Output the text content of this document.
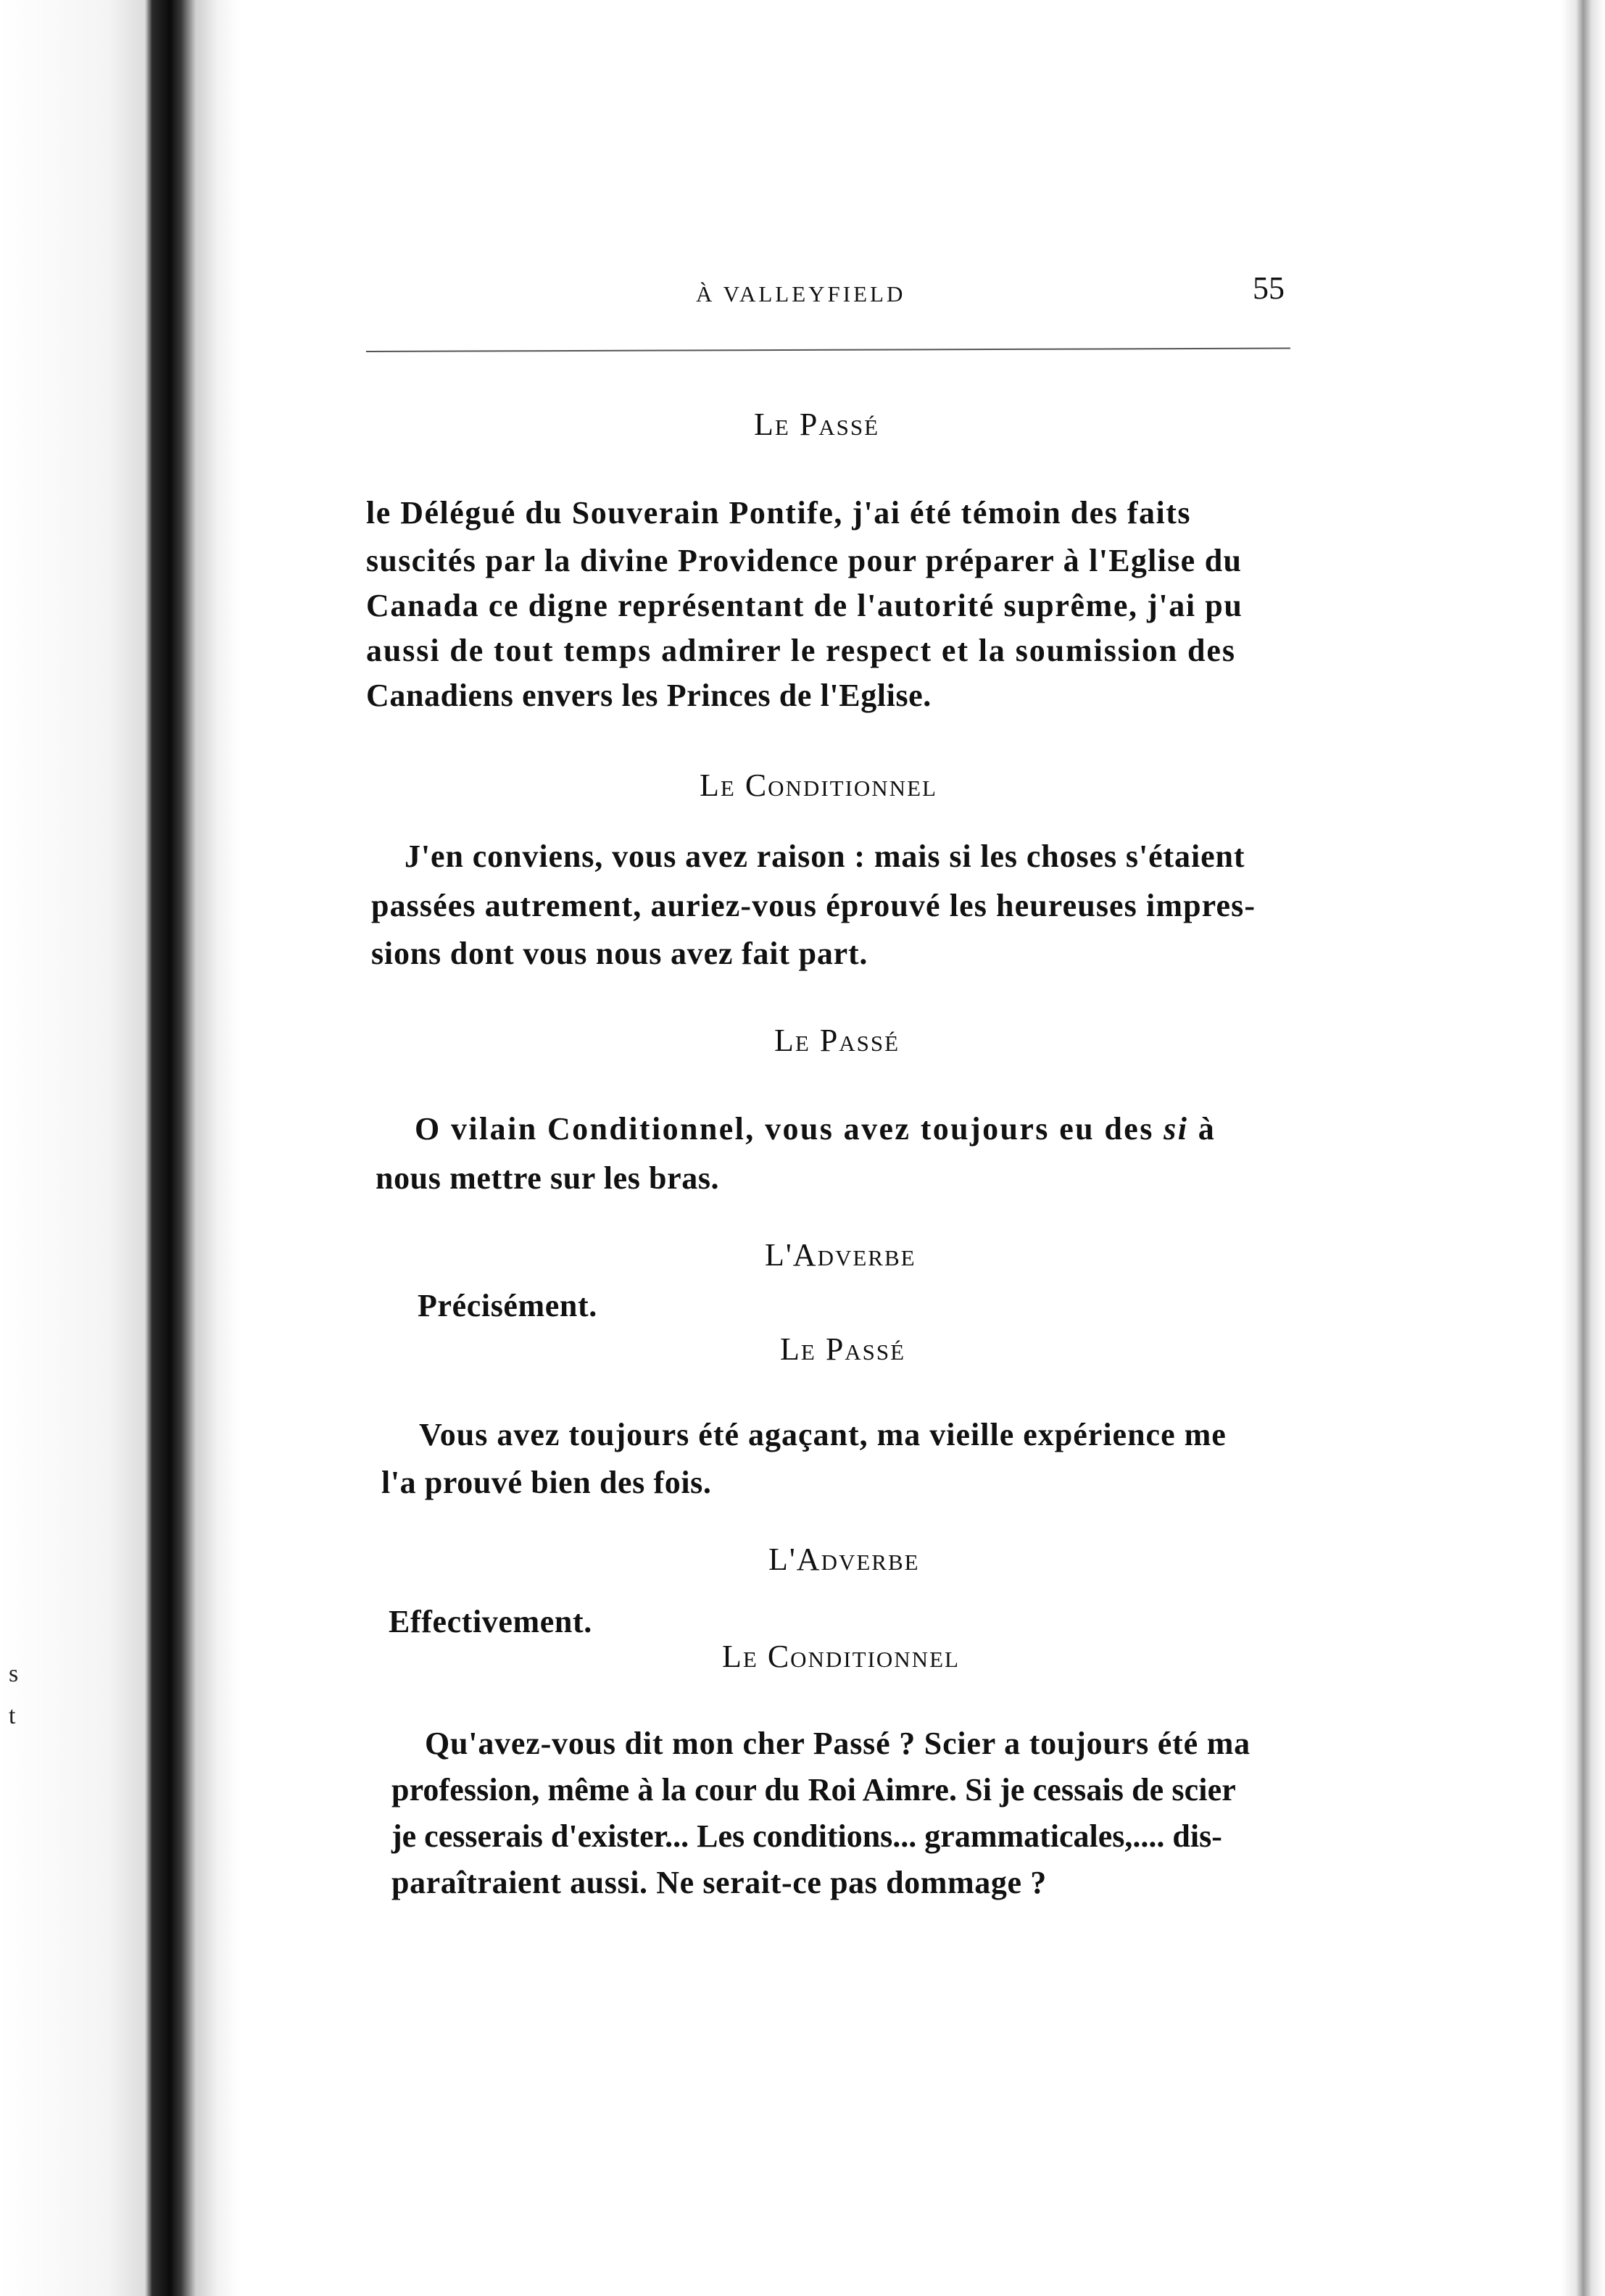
s
t
À VALLEYFIELD	55
Le Passé
le Délégué du Souverain Pontife, j'ai été témoin des faits
suscités par la divine Providence pour préparer à l'Eglise du
Canada ce digne représentant de l'autorité suprême, j'ai pu
aussi de tout temps admirer le respect et la soumission des
Canadiens envers les Princes de l'Eglise.
Le Conditionnel
J'en conviens, vous avez raison : mais si les choses s'étaient
passées autrement, auriez-vous éprouvé les heureuses impres-
sions dont vous nous avez fait part.
Le Passé
O vilain Conditionnel, vous avez toujours eu des si à
nous mettre sur les bras.
L'Adverbe
Précisément.
Le Passé
Vous avez toujours été agaçant, ma vieille expérience me
l'a prouvé bien des fois.
L'Adverbe
Effectivement.
Le Conditionnel
Qu'avez-vous dit mon cher Passé ? Scier a toujours été ma
profession, même à la cour du Roi Aimre. Si je cessais de scier
je cesserais d'exister... Les conditions... grammaticales,.... dis-
paraîtraient aussi. Ne serait-ce pas dommage ?
